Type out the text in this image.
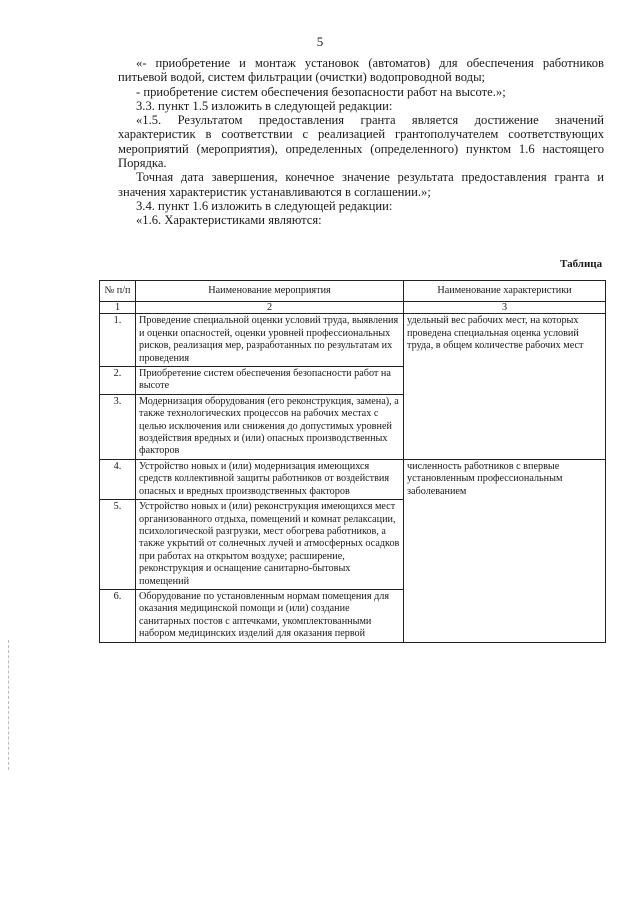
5

«- приобретение и монтаж установок (автоматов) для обеспечения работников питьевой водой, систем фильтрации (очистки) водопроводной воды;

- приобретение систем обеспечения безопасности работ на высоте.»;

3.3. пункт 1.5 изложить в следующей редакции:

«1.5. Результатом предоставления гранта является достижение значений характеристик в соответствии с реализацией грантополучателем соответствующих мероприятий (мероприятия), определенных (определенного) пунктом 1.6 настоящего Порядка.

Точная дата завершения, конечное значение результата предоставления гранта и значения характеристик устанавливаются в соглашении.»;

3.4. пункт 1.6 изложить в следующей редакции:

«1.6. Характеристиками являются:

Таблица
№ п/п	Наименование мероприятия	Наименование характеристики
1	2	3
1.	Проведение специальной оценки условий труда, выявления и оценки опасностей, оценки уровней профессиональных рисков, реализация мер, разработанных по результатам их проведения	удельный вес рабочих мест, на которых проведена специальная оценка условий труда, в общем количестве рабочих мест
2.	Приобретение систем обеспечения безопасности работ на высоте	
3.	Модернизация оборудования (его реконструкция, замена), а также технологических процессов на рабочих местах с целью исключения или снижения до допустимых уровней воздействия вредных и (или) опасных производственных факторов	
4.	Устройство новых и (или) модернизация имеющихся средств коллективной защиты работников от воздействия опасных и вредных производственных факторов	численность работников с впервые установленным профессиональным заболеванием
5.	Устройство новых и (или) реконструкция имеющихся мест организованного отдыха, помещений и комнат релаксации, психологической разгрузки, мест обогрева работников, а также укрытий от солнечных лучей и атмосферных осадков при работах на открытом воздухе; расширение, реконструкция и оснащение санитарно-бытовых помещений	
6.	Оборудование по установленным нормам помещения для оказания медицинской помощи и (или) создание санитарных постов с аптечками, укомплектованными набором медицинских изделий для оказания первой	
